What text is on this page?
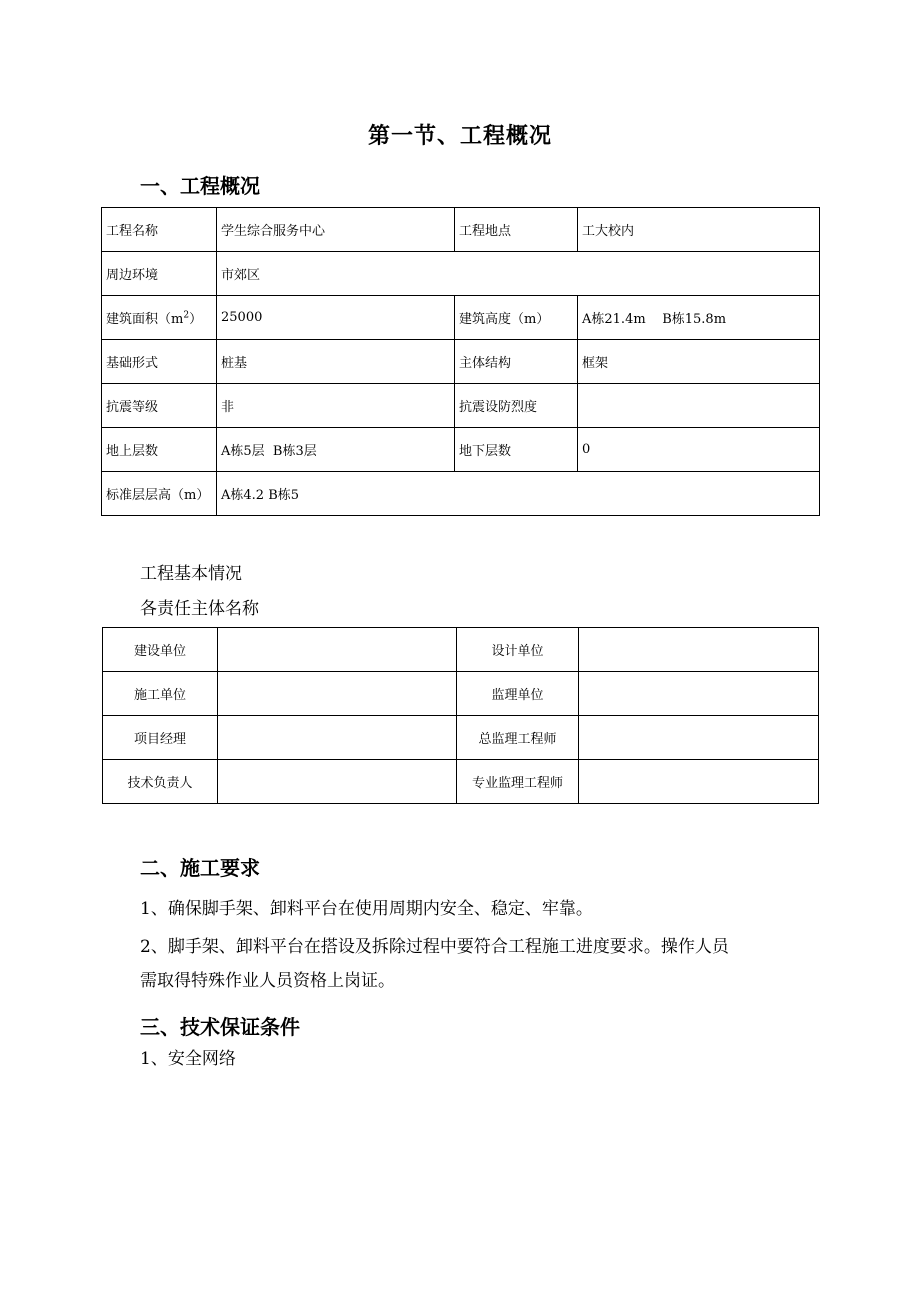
第一节、工程概况
一、工程概况
工程名称	学生综合服务中心	工程地点	工大校内
周边环境	市郊区		
建筑面积$(m^2)$	25000	建筑高度（m）	A栋21.4m    B栋15.8m
基础形式	桩基	主体结构	框架
抗震等级	非	抗震设防烈度	
地上层数	A栋5层  B栋3层	地下层数	0
标准层层高（m）	A栋4.2 B栋5		
工程基本情况
各责任主体名称
建设单位		设计单位	
施工单位		监理单位	
项目经理		总监理工程师	
技术负责人		专业监理工程师	
二、施工要求
1、确保脚手架、卸料平台在使用周期内安全、稳定、牢靠。
2、脚手架、卸料平台在搭设及拆除过程中要符合工程施工进度要求。操作人员
需取得特殊作业人员资格上岗证。
三、技术保证条件
1、安全网络
